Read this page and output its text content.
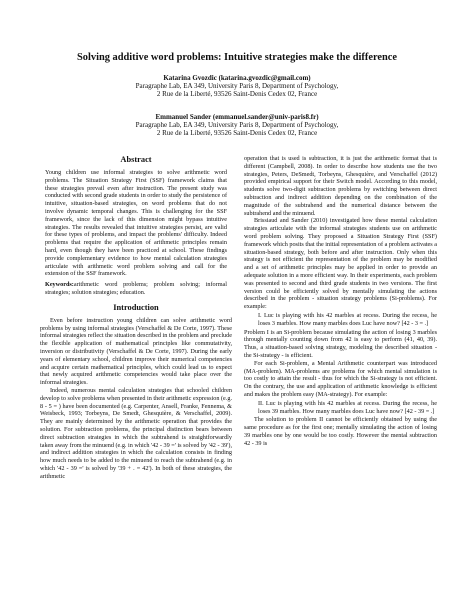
Solving additive word problems: Intuitive strategies make the difference
Katarina Gvozdic (katarina.gvozdic@gmail.com)
Paragraphe Lab, EA 349, University Paris 8, Department of Psychology,
2 Rue de la Liberté, 93526 Saint-Denis Cedex 02, France
Emmanuel Sander (emmanuel.sander@univ-paris8.fr)
Paragraphe Lab, EA 349, University Paris 8, Department of Psychology,
2 Rue de la Liberté, 93526 Saint-Denis Cedex 02, France
Abstract

Young children use informal strategies to solve arithmetic word problems. The Situation Strategy First (SSF) framework claims that these strategies prevail even after instruction. The present study was conducted with second grade students in order to study the persistence of intuitive, situation-based strategies, on word problems that do not involve dynamic temporal changes. This is challenging for the SSF framework, since the lack of this dimension might bypass intuitive strategies. The results revealed that intuitive strategies persist, are valid for these types of problems, and impact the problems' difficulty. Indeed problems that require the application of arithmetic principles remain hard, even though they have been practiced at school. These findings provide complementary evidence to how mental calculation strategies articulate with arithmetic word problem solving and call for the extension of the SSF framework.

Keywords:arithmetic word problems; problem solving; informal strategies; solution strategies; education.

Introduction

Even before instruction young children can solve arithmetic word problems by using informal strategies (Verschaffel & De Corte, 1997). These informal strategies reflect the situation described in the problem and preclude the flexible application of mathematical principles like commutativity, inversion or distributivity (Verschaffel & De Corte, 1997). During the early years of elementary school, children improve their numerical competencies and acquire certain mathematical principles, which could lead us to expect that newly acquired arithmetic competencies would take place over the informal strategies.

Indeed, numerous mental calculation strategies that schooled children develop to solve problems when presented in their arithmetic expression (e.g. 8 - 5 = ) have been documented (e.g. Carpenter, Ansell, Franke, Fennema, & Weisbeck, 1993; Torbeyns, De Smedt, Ghesquière, & Verschaffel, 2009). They are mainly determined by the arithmetic operation that provides the solution. For subtraction problems, the principal distinction bears between direct subtraction strategies in which the subtrahend is straightforwardly taken away from the minuend (e.g. in which '42 - 39 =' is solved by '42 - 39'), and indirect addition strategies in which the calculation consists in finding how much needs to be added to the minuend to reach the subtrahend (e.g. in which '42 - 39 =' is solved by '39 + . = 42'). In both of these strategies, the arithmetic

operation that is used is subtraction, it is just the arithmetic format that is different (Campbell, 2008). In order to describe how students use the two strategies, Peters, DeSmedt, Torbeyns, Ghesquière, and Verschaffel (2012) provided empirical support for their Switch model. According to this model, students solve two-digit subtraction problems by switching between direct subtraction and indirect addition depending on the combination of the magnitude of the subtrahend and the numerical distance between the subtrahend and the minuend.

Brissiaud and Sander (2010) investigated how these mental calculation strategies articulate with the informal strategies students use on arithmetic word problem solving. They proposed a Situation Strategy First (SSF) framework which posits that the initial representation of a problem activates a situation-based strategy, both before and after instruction. Only when this strategy is not efficient the representation of the problem may be modified and a set of arithmetic principles may be applied in order to provide an adequate solution in a more efficient way. In their experiments, each problem was presented to second and third grade students in two versions. The first version could be efficiently solved by mentally simulating the actions described in the problem - situation strategy problems (Si-problems). For example:

I. Luc is playing with his 42 marbles at recess. During the recess, he loses 3 marbles. How many marbles does Luc have now? [42 - 3 = .]

Problem I is an Si-problem because simulating the action of losing 3 marbles through mentally counting down from 42 is easy to perform (41, 40, 39). Thus, a situation-based solving strategy, modeling the described situation - the Si-strategy - is efficient.

For each Si-problem, a Mental Arithmetic counterpart was introduced (MA-problem). MA-problems are problems for which mental simulation is too costly to attain the result - thus for which the Si-strategy is not efficient. On the contrary, the use and application of arithmetic knowledge is efficient and makes the problem easy (MA-strategy). For example:

II. Luc is playing with his 42 marbles at recess. During the recess, he loses 39 marbles. How many marbles does Luc have now? [42 - 39 = .]

The solution to problem II cannot be efficiently obtained by using the same procedure as for the first one; mentally simulating the action of losing 39 marbles one by one would be too costly. However the mental subtraction 42 - 39 is
